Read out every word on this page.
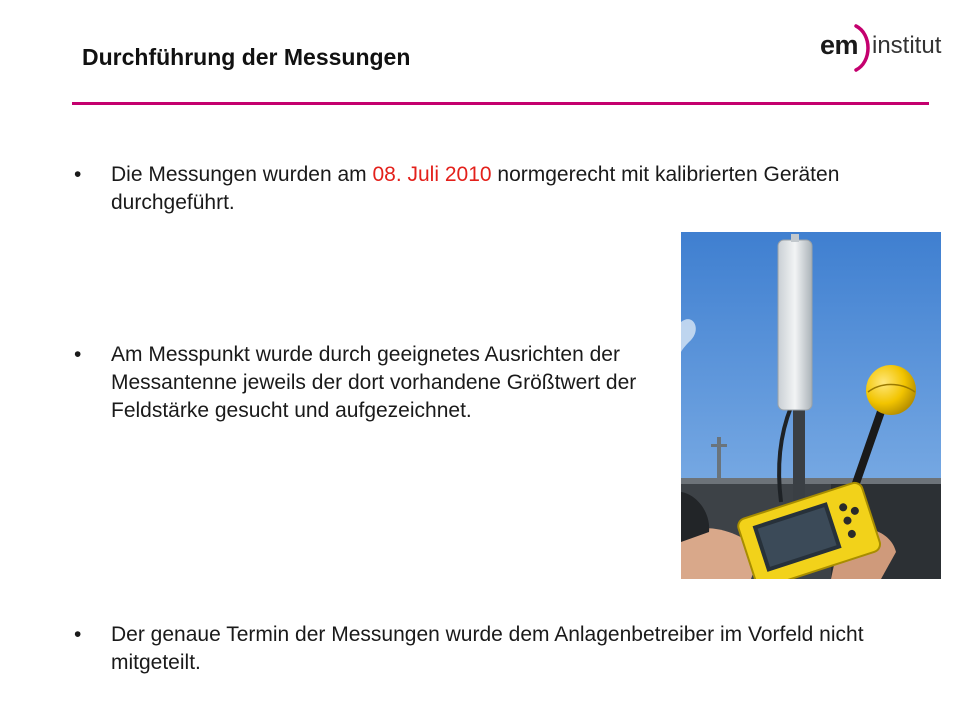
Durchführung der Messungen	em institut
• Die Messungen wurden am 08. Juli 2010 normgerecht mit kalibrierten Geräten durchgeführt.
• Am Messpunkt wurde durch geeignetes Ausrichten der Messantenne jeweils der dort vorhandene Größtwert der Feldstärke gesucht und aufgezeichnet.
• Der genaue Termin der Messungen wurde dem Anlagenbetreiber im Vorfeld nicht mitgeteilt.
